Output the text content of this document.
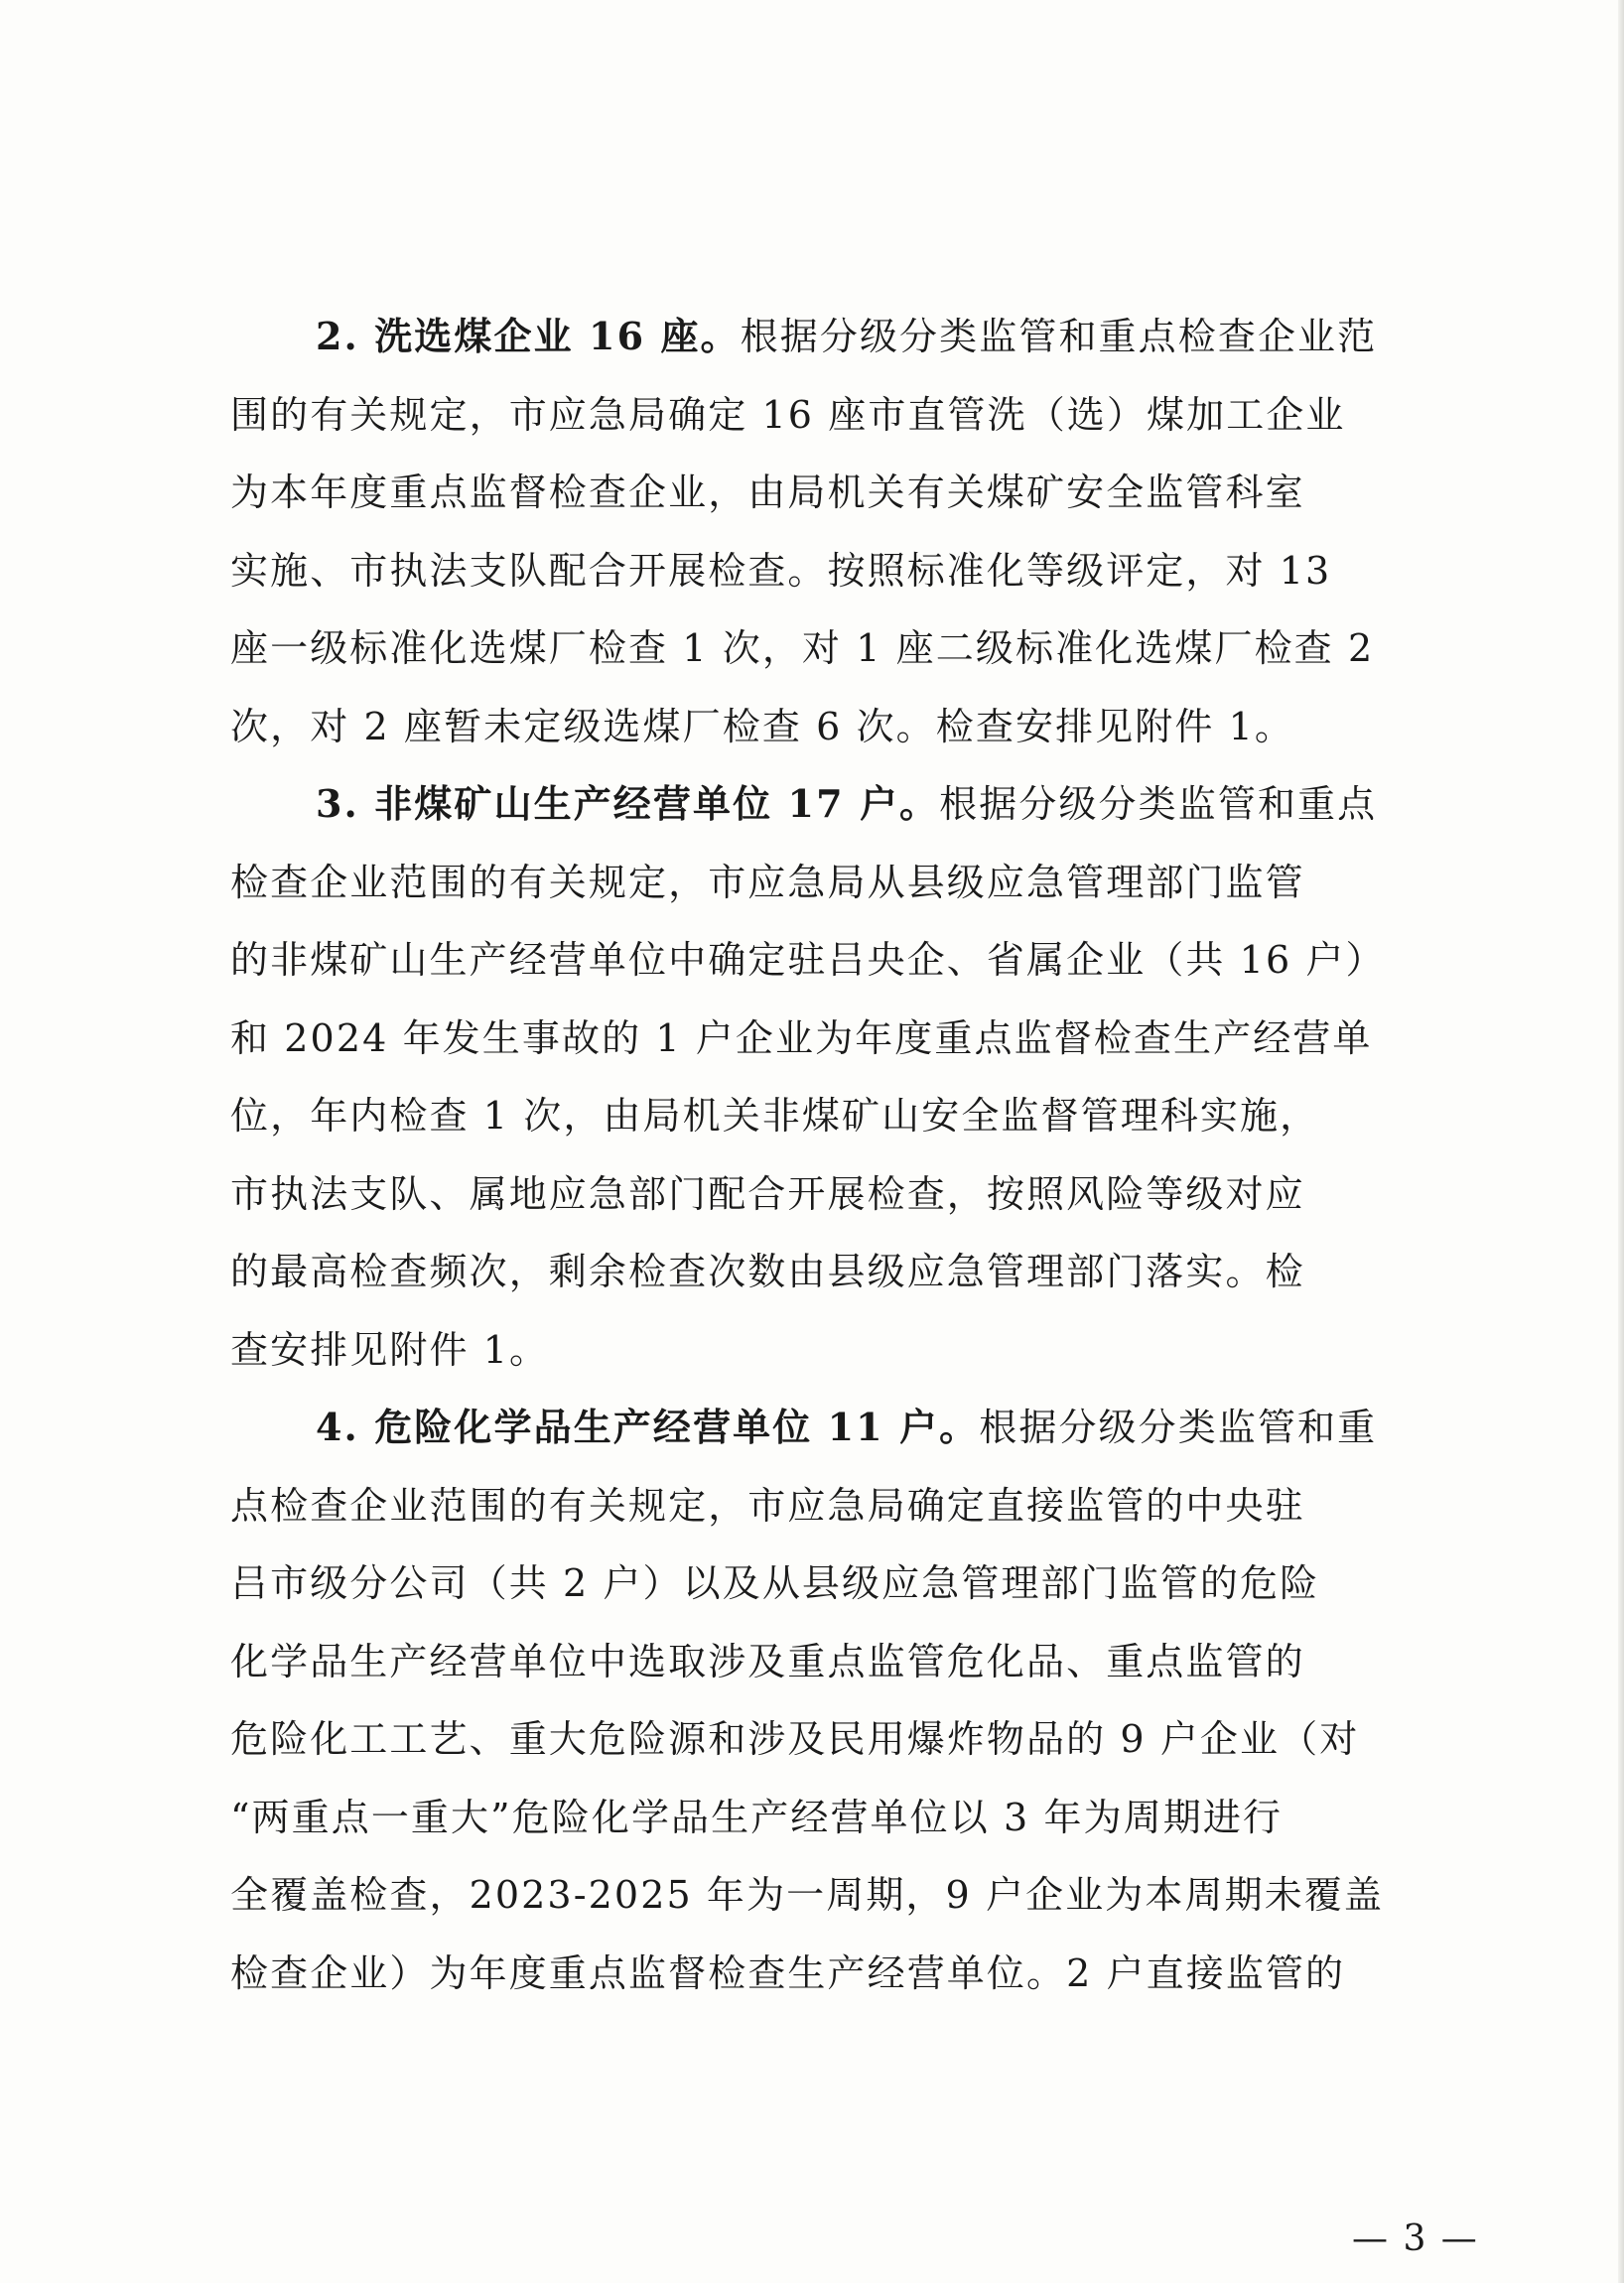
2. 洗选煤企业 16 座。根据分级分类监管和重点检查企业范
围的有关规定，市应急局确定 16 座市直管洗（选）煤加工企业
为本年度重点监督检查企业，由局机关有关煤矿安全监管科室
实施、市执法支队配合开展检查。按照标准化等级评定，对 13
座一级标准化选煤厂检查 1 次，对 1 座二级标准化选煤厂检查 2
次，对 2 座暂未定级选煤厂检查 6 次。检查安排见附件 1。
3. 非煤矿山生产经营单位 17 户。根据分级分类监管和重点
检查企业范围的有关规定，市应急局从县级应急管理部门监管
的非煤矿山生产经营单位中确定驻吕央企、省属企业（共 16 户）
和 2024 年发生事故的 1 户企业为年度重点监督检查生产经营单
位，年内检查 1 次，由局机关非煤矿山安全监督管理科实施，
市执法支队、属地应急部门配合开展检查，按照风险等级对应
的最高检查频次，剩余检查次数由县级应急管理部门落实。检
查安排见附件 1。
4. 危险化学品生产经营单位 11 户。根据分级分类监管和重
点检查企业范围的有关规定，市应急局确定直接监管的中央驻
吕市级分公司（共 2 户）以及从县级应急管理部门监管的危险
化学品生产经营单位中选取涉及重点监管危化品、重点监管的
危险化工工艺、重大危险源和涉及民用爆炸物品的 9 户企业（对
“两重点一重大”危险化学品生产经营单位以 3 年为周期进行
全覆盖检查，2023-2025 年为一周期，9 户企业为本周期未覆盖
检查企业）为年度重点监督检查生产经营单位。2 户直接监管的
— 3 —
